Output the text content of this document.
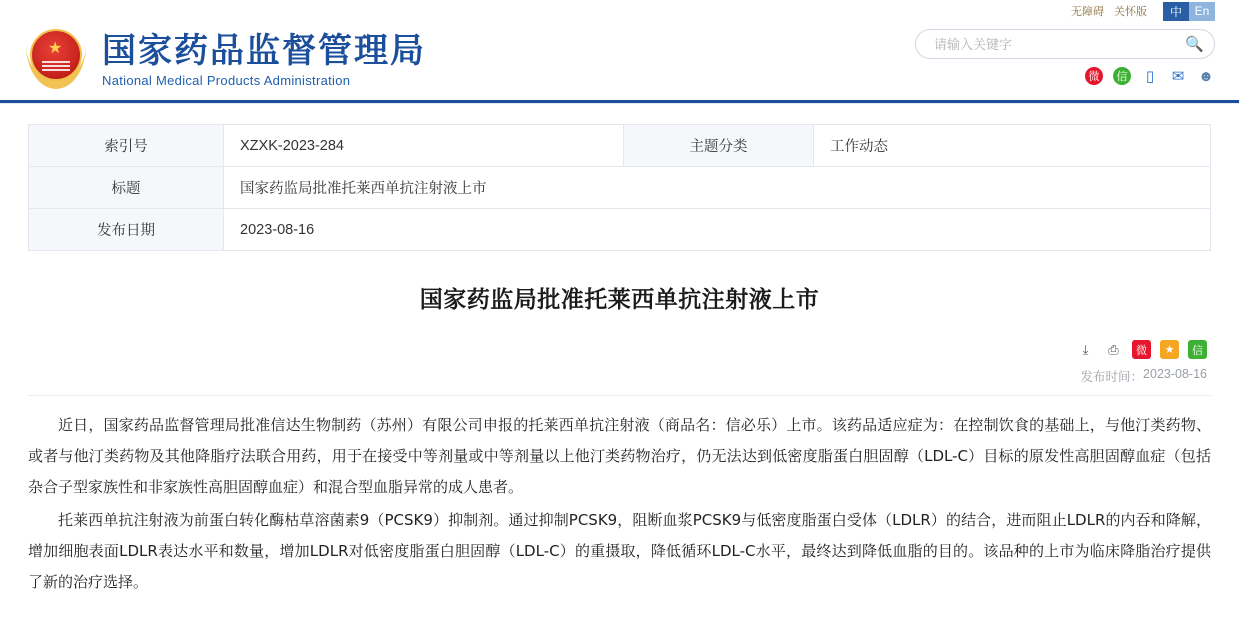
无障碍 关怀版	中	En
★ 国家药品监督管理局
National Medical Products Administration
请输入关键字
🔍
微	信	▯	✉ ☻
索引号	XZXK-2023-284	主题分类	工作动态
标题	国家药监局批准托莱西单抗注射液上市		
发布日期	2023-08-16		
国家药监局批准托莱西单抗注射液上市
⤓	⎙	微	★	信
发布时间： 2023-08-16

近日，国家药品监督管理局批准信达生物制药（苏州）有限公司申报的托莱西单抗注射液（商品名：信必乐）上市。该药品适应症为：在控制饮食的基础上，与他汀类药物、或者与他汀类药物及其他降脂疗法联合用药，用于在接受中等剂量或中等剂量以上他汀类药物治疗，仍无法达到低密度脂蛋白胆固醇（LDL-C）目标的原发性高胆固醇血症（包括杂合子型家族性和非家族性高胆固醇血症）和混合型血脂异常的成人患者。

托莱西单抗注射液为前蛋白转化酶枯草溶菌素9（PCSK9）抑制剂。通过抑制PCSK9，阻断血浆PCSK9与低密度脂蛋白受体（LDLR）的结合，进而阻止LDLR的内吞和降解，增加细胞表面LDLR表达水平和数量，增加LDLR对低密度脂蛋白胆固醇（LDL-C）的重摄取，降低循环LDL-C水平，最终达到降低血脂的目的。该品种的上市为临床降脂治疗提供了新的治疗选择。
